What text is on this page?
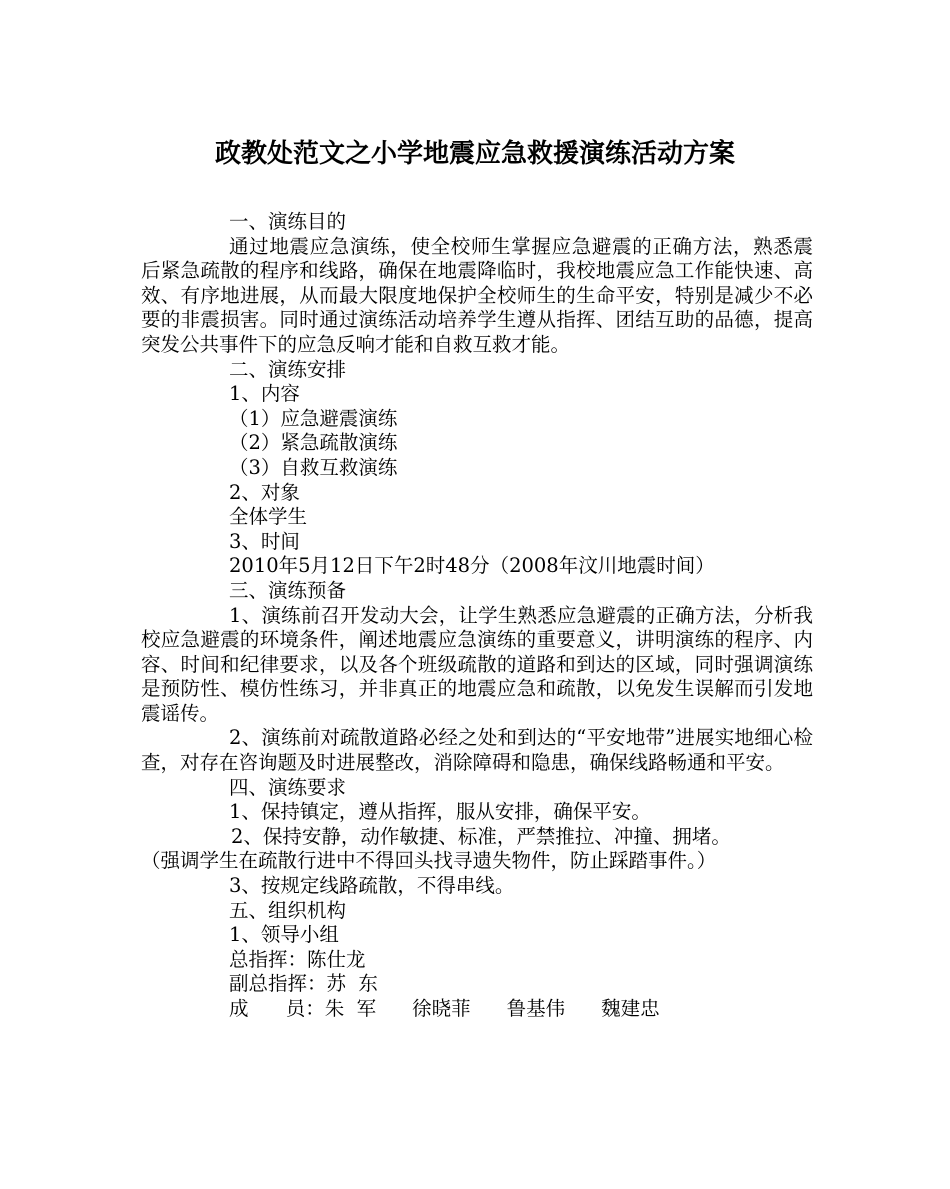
政教处范文之小学地震应急救援演练活动方案
一、演练目的

通过地震应急演练，使全校师生掌握应急避震的正确方法，熟悉震后紧急疏散的程序和线路，确保在地震降临时，我校地震应急工作能快速、高效、有序地进展，从而最大限度地保护全校师生的生命平安，特别是减少不必要的非震损害。同时通过演练活动培养学生遵从指挥、团结互助的品德，提高突发公共事件下的应急反响才能和自救互救才能。

二、演练安排
1、内容
（1）应急避震演练
（2）紧急疏散演练
（3）自救互救演练
2、对象
全体学生
3、时间
2010年5月12日下午2时48分（2008年汶川地震时间）
三、演练预备

1、演练前召开发动大会，让学生熟悉应急避震的正确方法，分析我校应急避震的环境条件，阐述地震应急演练的重要意义，讲明演练的程序、内容、时间和纪律要求，以及各个班级疏散的道路和到达的区域，同时强调演练是预防性、模仿性练习，并非真正的地震应急和疏散，以免发生误解而引发地震谣传。

2、演练前对疏散道路必经之处和到达的“平安地带”进展实地细心检查，对存在咨询题及时进展整改，消除障碍和隐患，确保线路畅通和平安。

四、演练要求
1、保持镇定，遵从指挥，服从安排，确保平安。
2、保持安静，动作敏捷、标准，严禁推拉、冲撞、拥堵。
（强调学生在疏散行进中不得回头找寻遗失物件，防止踩踏事件。）
3、按规定线路疏散，不得串线。
五、组织机构
1、领导小组
总指挥：陈仕龙
副总指挥：苏  东
成      员：朱  军 徐晓菲 鲁基伟 魏建忠
